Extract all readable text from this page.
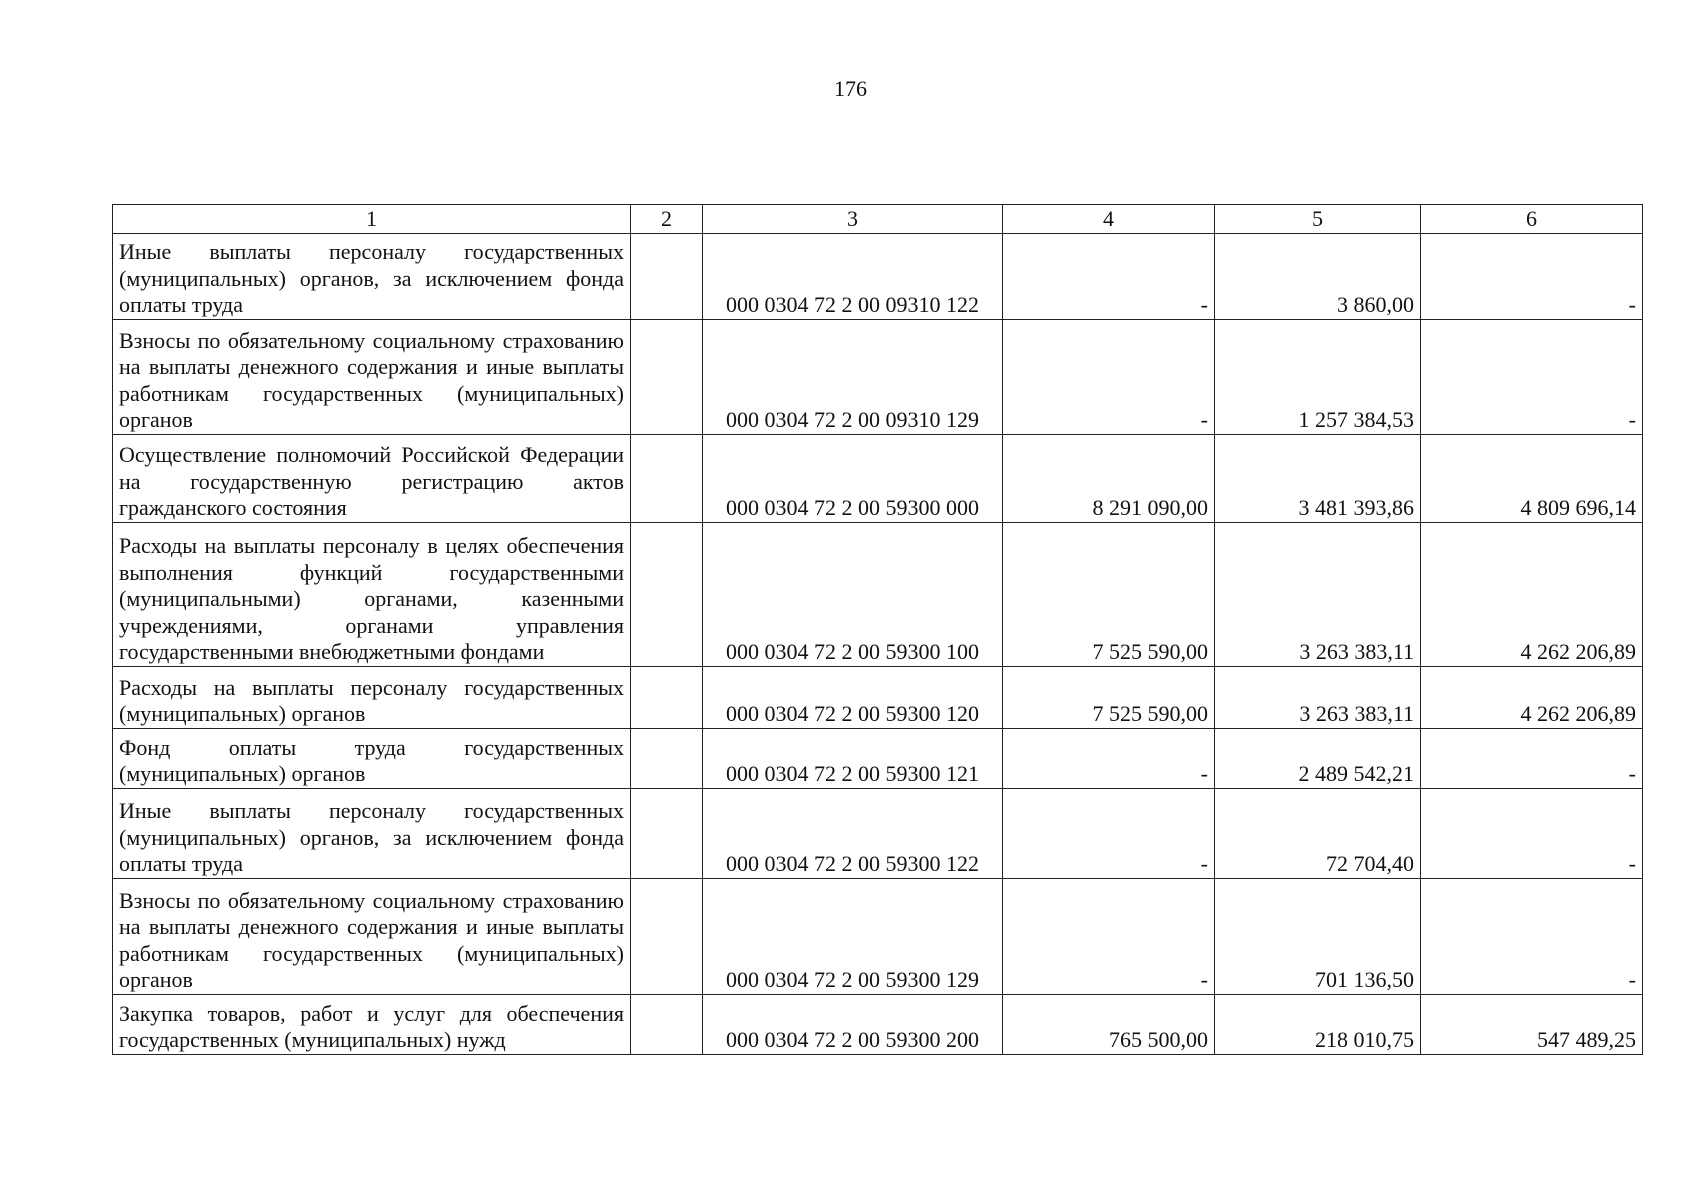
176
1	2	3	4	5	6
Иные выплаты персоналу государственных (муниципальных) органов, за исключением фонда оплаты труда		000 0304 72 2 00 09310 122	-	3 860,00	-
Взносы по обязательному социальному страхованию на выплаты денежного содержания и иные выплаты работникам государственных (муниципальных) органов		000 0304 72 2 00 09310 129	-	1 257 384,53	-
Осуществление полномочий Российской Федерации на государственную регистрацию актов гражданского состояния		000 0304 72 2 00 59300 000	8 291 090,00	3 481 393,86	4 809 696,14
Расходы на выплаты персоналу в целях обеспечения выполнения функций государственными (муниципальными) органами, казенными учреждениями, органами управления государственными внебюджетными фондами		000 0304 72 2 00 59300 100	7 525 590,00	3 263 383,11	4 262 206,89
Расходы на выплаты персоналу государственных (муниципальных) органов		000 0304 72 2 00 59300 120	7 525 590,00	3 263 383,11	4 262 206,89
Фонд оплаты труда государственных (муниципальных) органов		000 0304 72 2 00 59300 121	-	2 489 542,21	-
Иные выплаты персоналу государственных (муниципальных) органов, за исключением фонда оплаты труда		000 0304 72 2 00 59300 122	-	72 704,40	-
Взносы по обязательному социальному страхованию на выплаты денежного содержания и иные выплаты работникам государственных (муниципальных) органов		000 0304 72 2 00 59300 129	-	701 136,50	-
Закупка товаров, работ и услуг для обеспечения государственных (муниципальных) нужд		000 0304 72 2 00 59300 200	765 500,00	218 010,75	547 489,25
